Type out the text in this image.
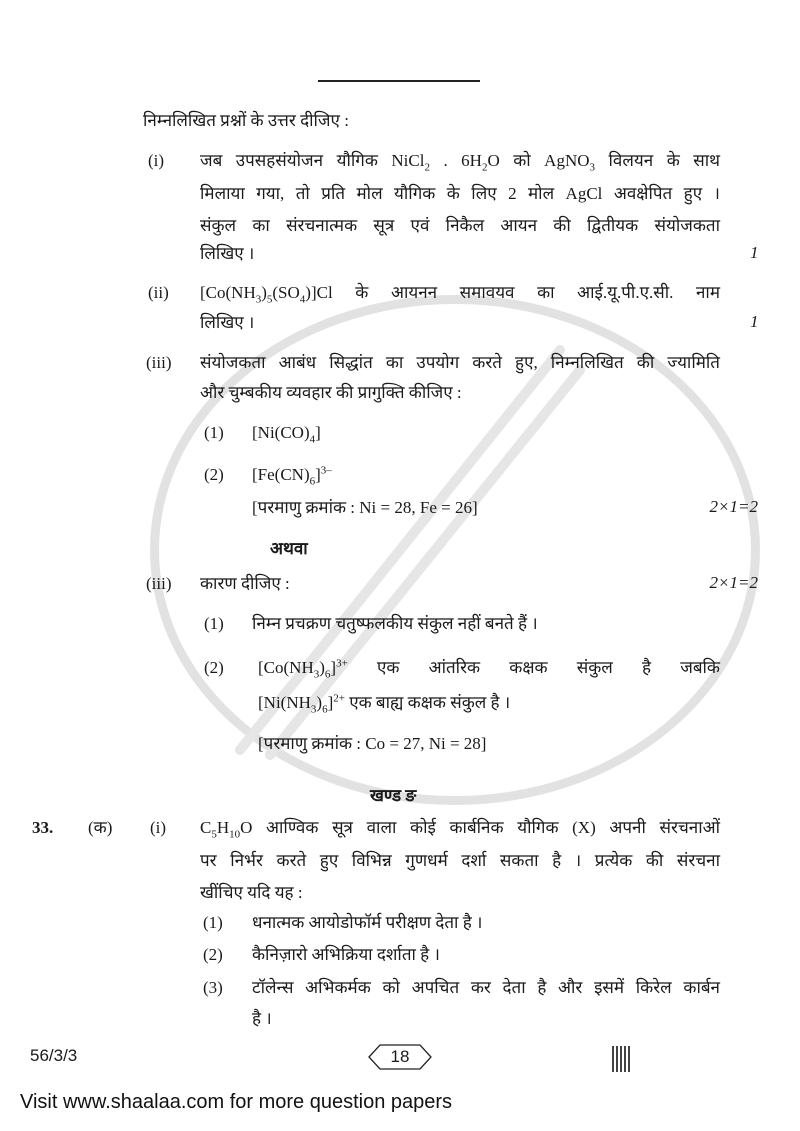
निम्नलिखित प्रश्नों के उत्तर दीजिए :
(i) जब उपसहसंयोजन यौगिक NiCl$_2$ . $6H_2O$ को AgNO$_3$ विलयन के साथ
मिलाया गया, तो प्रति मोल यौगिक के लिए 2 मोल AgCl अवक्षेपित हुए ।
संकुल का संरचनात्मक सूत्र एवं निकैल आयन की द्वितीयक संयोजकता
लिखिए ।	1
(ii) $[Co(NH_3)_5(SO_4)]Cl$ के आयनन समावयव का आई.यू.पी.ए.सी. नाम
लिखिए ।	1
(iii) संयोजकता आबंध सिद्धांत का उपयोग करते हुए, निम्नलिखित की ज्यामिति
और चुम्बकीय व्यवहार की प्रागुक्ति कीजिए :
(1) $[Ni(CO)_4]$
(2) $[Fe(CN)_6]^{3-}$
[परमाणु क्रमांक : Ni = 28, Fe = 26]	2×1=2
अथवा
(iii) कारण दीजिए :	2×1=2
(1) निम्न प्रचक्रण चतुष्फलकीय संकुल नहीं बनते हैं ।
(2) $[Co(NH_3)_6]^{3+}$ एक आंतरिक कक्षक संकुल है जबकि
$[Ni(NH_3)_6]^{2+}$ एक बाह्य कक्षक संकुल है ।
[परमाणु क्रमांक : Co = 27, Ni = 28]
खण्ड ङ
33. (क) (i) $C_5H_{10}O$ आण्विक सूत्र वाला कोई कार्बनिक यौगिक (X) अपनी संरचनाओं
पर निर्भर करते हुए विभिन्न गुणधर्म दर्शा सकता है । प्रत्येक की संरचना
खींचिए यदि यह :
(1) धनात्मक आयोडोफॉर्म परीक्षण देता है ।
(2) कैनिज़ारो अभिक्रिया दर्शाता है ।
(3) टॉलेन्स अभिकर्मक को अपचित कर देता है और इसमें किरेल कार्बन
है ।
56/3/3	18
Visit www.shaalaa.com for more question papers
